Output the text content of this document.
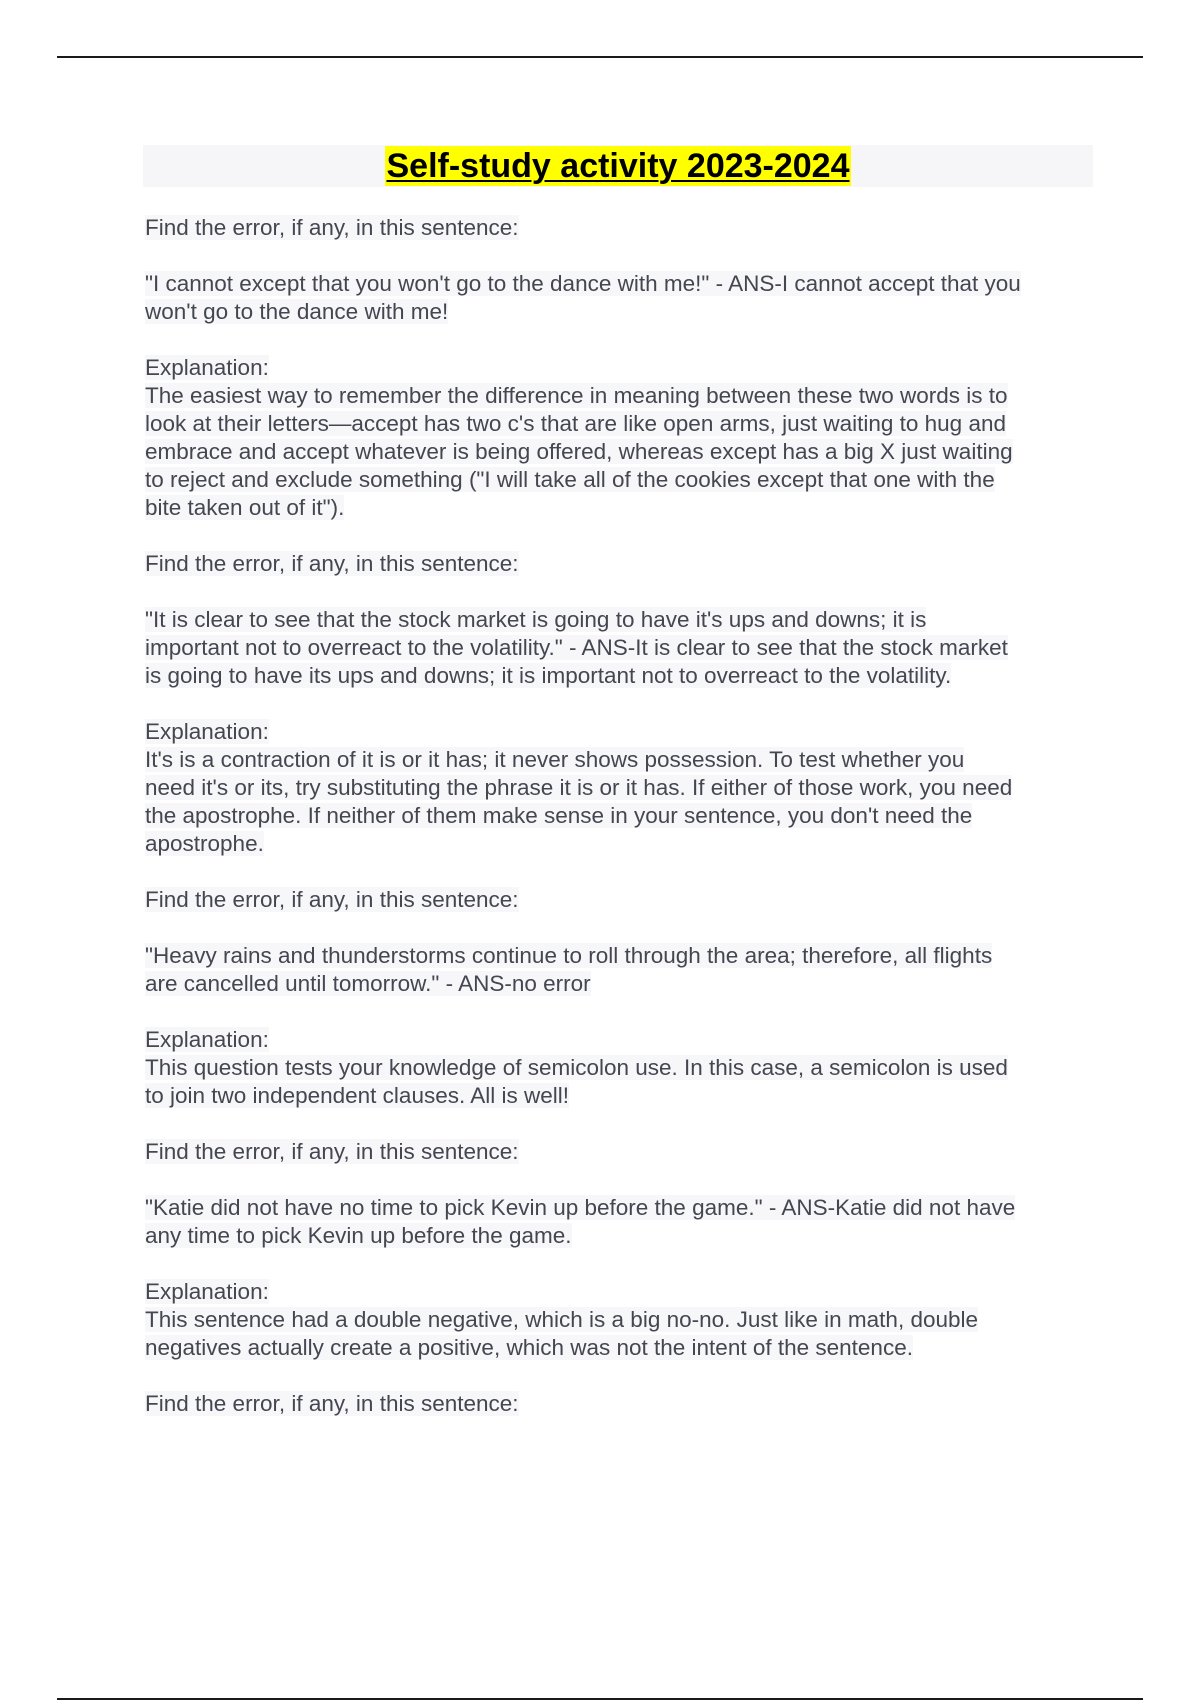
Self-study activity 2023-2024
Find the error, if any, in this sentence:
"I cannot except that you won't go to the dance with me!" - ANS-I cannot accept that you
won't go to the dance with me!
Explanation:
The easiest way to remember the difference in meaning between these two words is to
look at their letters—accept has two c's that are like open arms, just waiting to hug and
embrace and accept whatever is being offered, whereas except has a big X just waiting
to reject and exclude something ("I will take all of the cookies except that one with the
bite taken out of it").
Find the error, if any, in this sentence:
"It is clear to see that the stock market is going to have it's ups and downs; it is
important not to overreact to the volatility." - ANS-It is clear to see that the stock market
is going to have its ups and downs; it is important not to overreact to the volatility.
Explanation:
It's is a contraction of it is or it has; it never shows possession. To test whether you
need it's or its, try substituting the phrase it is or it has. If either of those work, you need
the apostrophe. If neither of them make sense in your sentence, you don't need the
apostrophe.
Find the error, if any, in this sentence:
"Heavy rains and thunderstorms continue to roll through the area; therefore, all flights
are cancelled until tomorrow." - ANS-no error
Explanation:
This question tests your knowledge of semicolon use. In this case, a semicolon is used
to join two independent clauses. All is well!
Find the error, if any, in this sentence:
"Katie did not have no time to pick Kevin up before the game." - ANS-Katie did not have
any time to pick Kevin up before the game.
Explanation:
This sentence had a double negative, which is a big no-no. Just like in math, double
negatives actually create a positive, which was not the intent of the sentence.
Find the error, if any, in this sentence:
